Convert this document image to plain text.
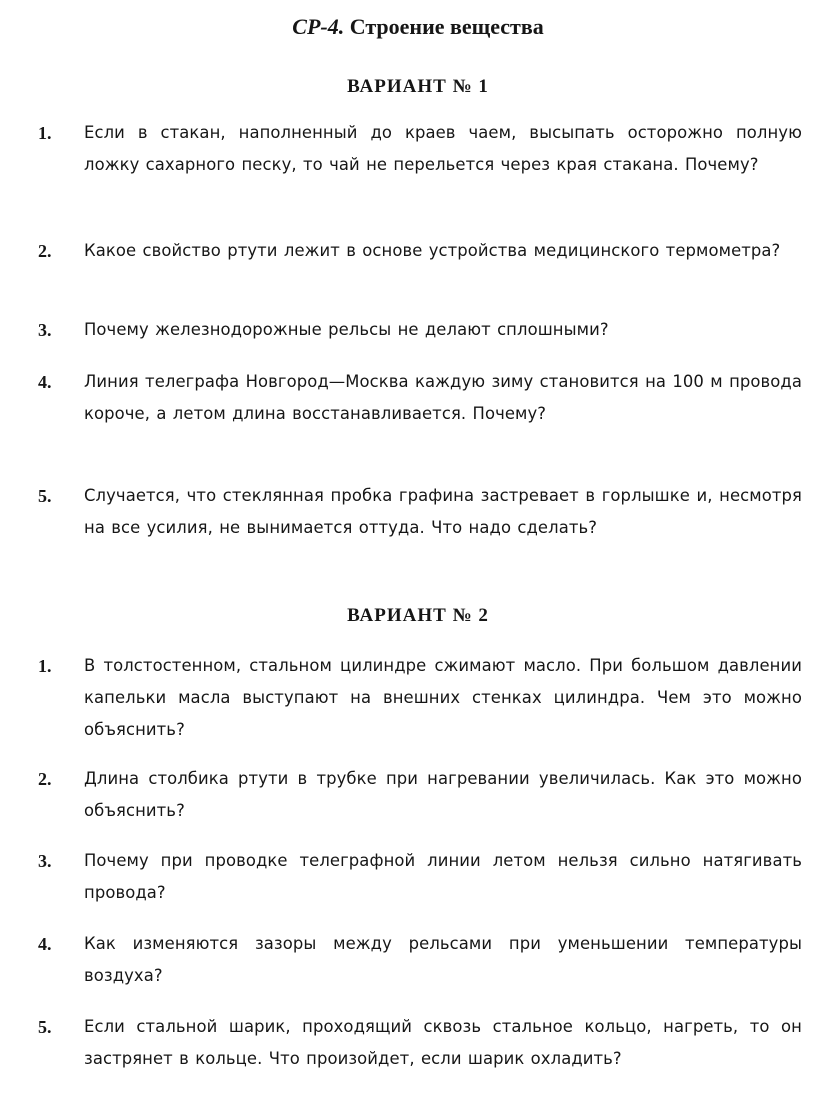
СР-4. Строение вещества
ВАРИАНТ № 1
1. Если в стакан, наполненный до краев чаем, высыпать осторожно полную ложку сахарного песку, то чай не перельется через края стакана. Почему?
2. Какое свойство ртути лежит в основе устройства медицинского термометра?
3. Почему железнодорожные рельсы не делают сплошными?
4. Линия телеграфа Новгород—Москва каждую зиму становится на 100 м провода короче, а летом длина восстанавливается. Почему?
5. Случается, что стеклянная пробка графина застревает в горлышке и, несмотря на все усилия, не вынимается оттуда. Что надо сделать?
ВАРИАНТ № 2
1. В толстостенном, стальном цилиндре сжимают масло. При большом давлении капельки масла выступают на внешних стенках цилиндра. Чем это можно объяснить?
2. Длина столбика ртути в трубке при нагревании увеличилась. Как это можно объяснить?
3. Почему при проводке телеграфной линии летом нельзя сильно натягивать провода?
4. Как изменяются зазоры между рельсами при уменьшении температуры воздуха?
5. Если стальной шарик, проходящий сквозь стальное кольцо, нагреть, то он застрянет в кольце. Что произойдет, если шарик охладить?
